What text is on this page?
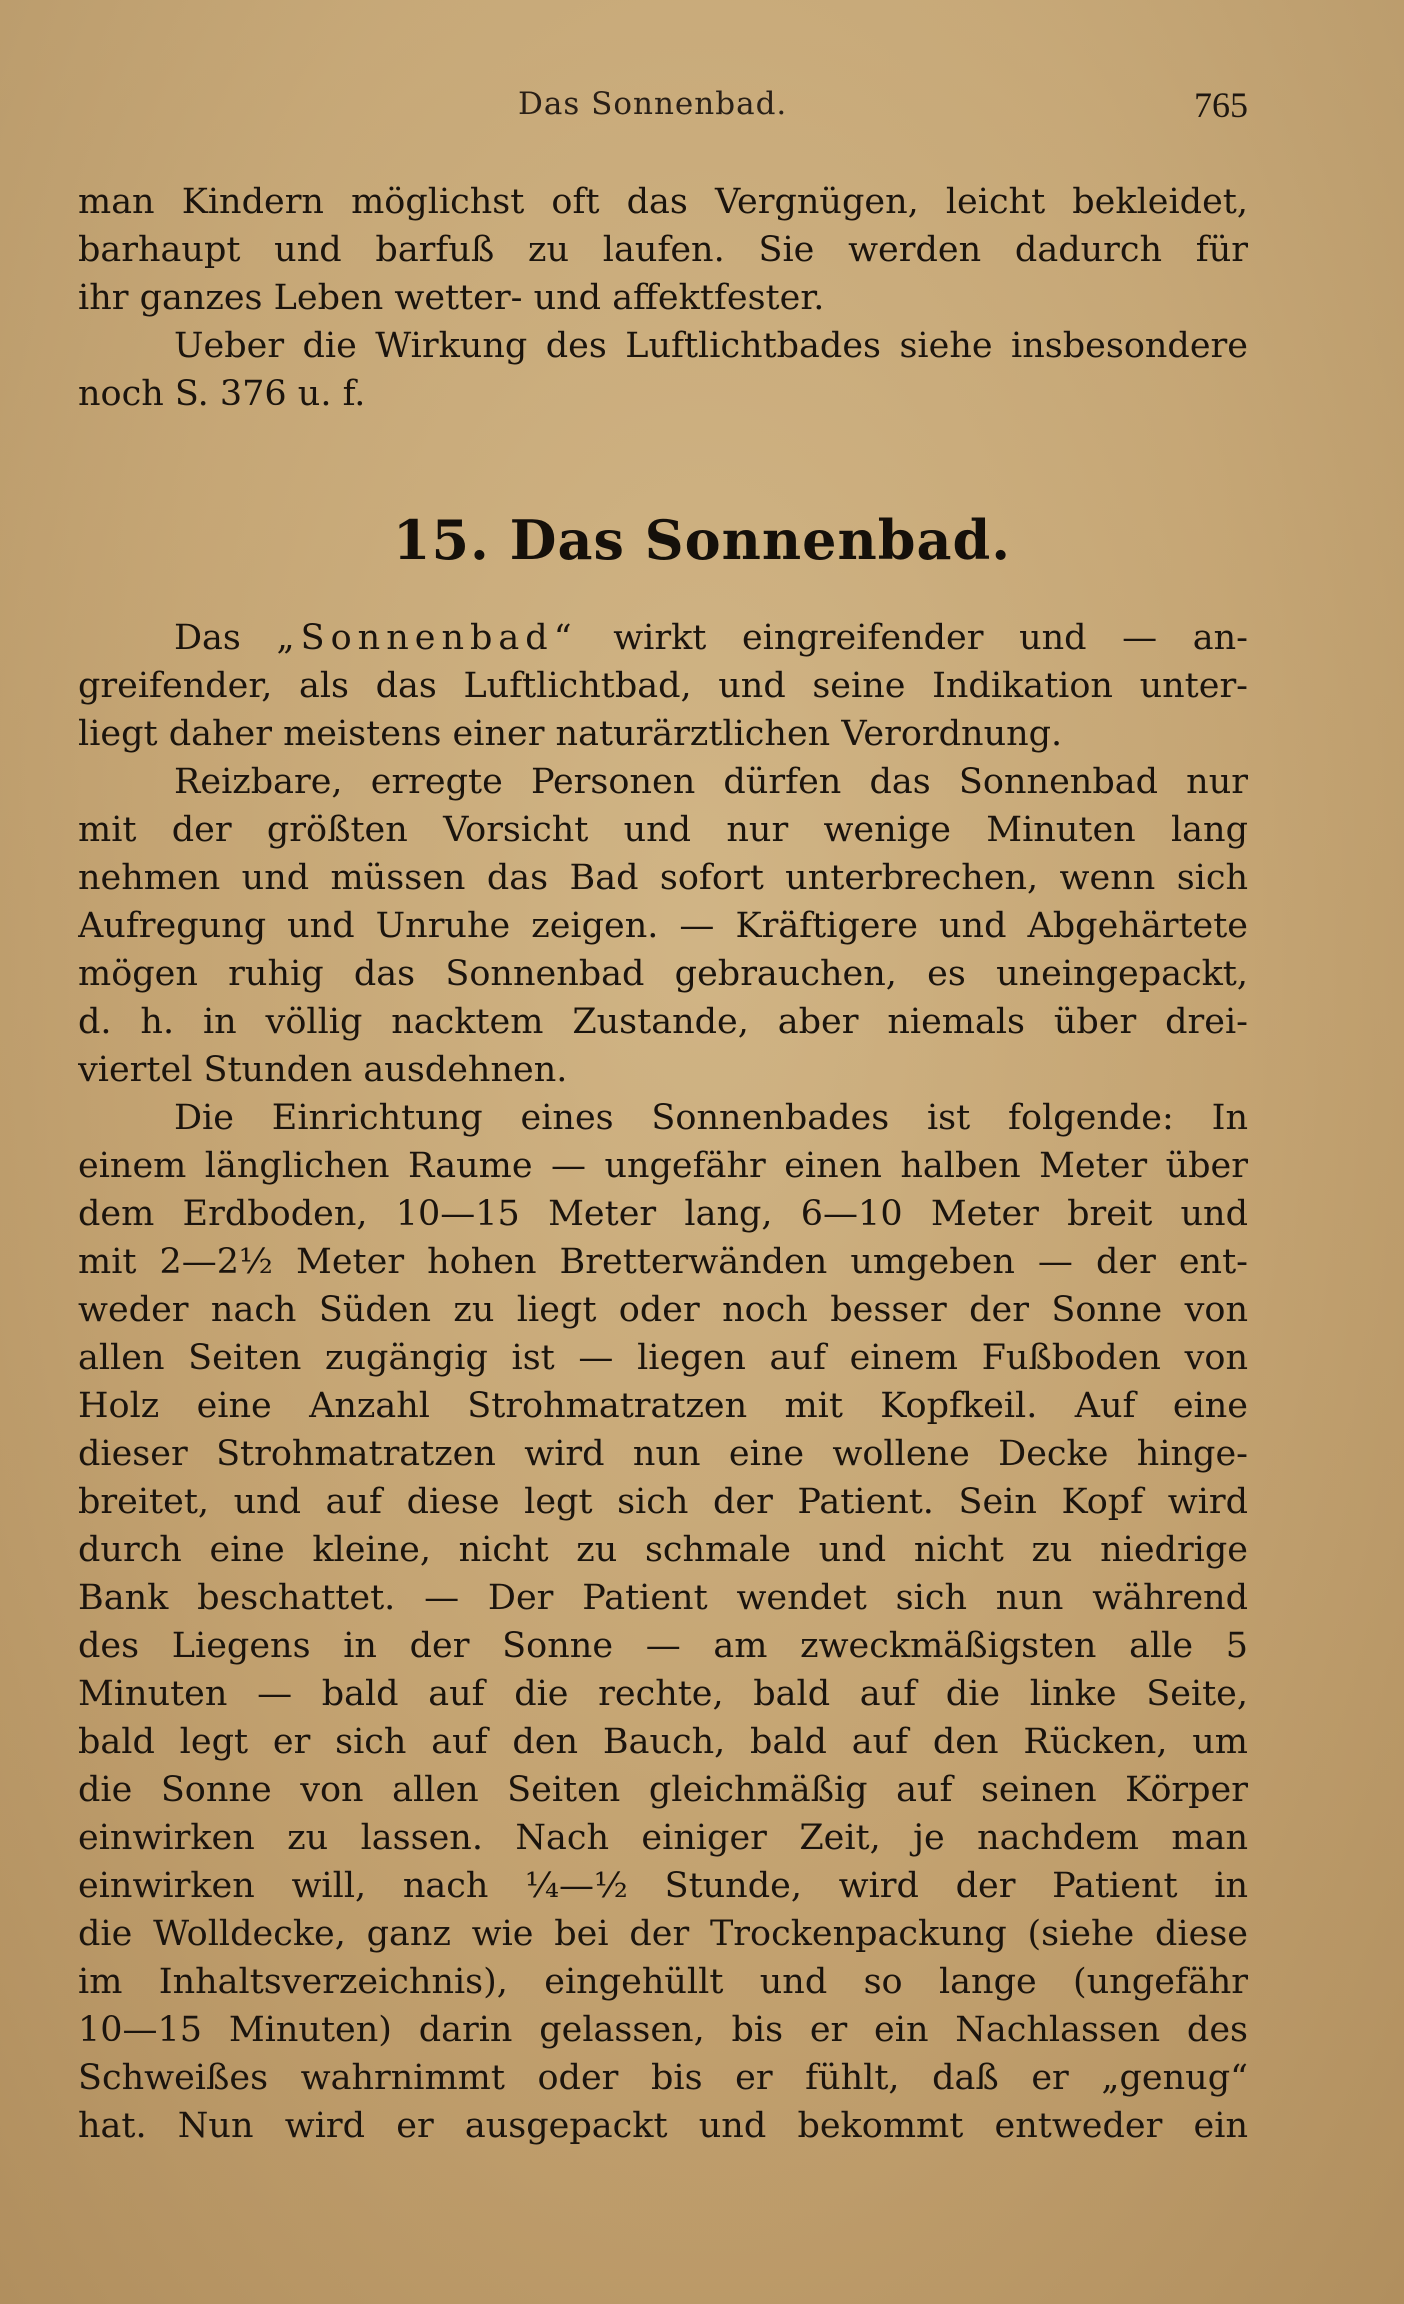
Das Sonnenbad.	765
man Kindern möglichst oft das Vergnügen, leicht bekleidet,
barhaupt und barfuß zu laufen. Sie werden dadurch für
ihr ganzes Leben wetter- und affektfester.
Ueber die Wirkung des Luftlichtbades siehe insbesondere
noch S. 376 u. f.
15. Das Sonnenbad.
Das „Sonnenbad“ wirkt eingreifender und — an-
greifender, als das Luftlichtbad, und seine Indikation unter-
liegt daher meistens einer naturärztlichen Verordnung.
Reizbare, erregte Personen dürfen das Sonnenbad nur
mit der größten Vorsicht und nur wenige Minuten lang
nehmen und müssen das Bad sofort unterbrechen, wenn sich
Aufregung und Unruhe zeigen. — Kräftigere und Abgehärtete
mögen ruhig das Sonnenbad gebrauchen, es uneingepackt,
d. h. in völlig nacktem Zustande, aber niemals über drei-
viertel Stunden ausdehnen.
Die Einrichtung eines Sonnenbades ist folgende: In
einem länglichen Raume — ungefähr einen halben Meter über
dem Erdboden, 10—15 Meter lang, 6—10 Meter breit und
mit 2—2½ Meter hohen Bretterwänden umgeben — der ent-
weder nach Süden zu liegt oder noch besser der Sonne von
allen Seiten zugängig ist — liegen auf einem Fußboden von
Holz eine Anzahl Strohmatratzen mit Kopfkeil. Auf eine
dieser Strohmatratzen wird nun eine wollene Decke hinge-
breitet, und auf diese legt sich der Patient. Sein Kopf wird
durch eine kleine, nicht zu schmale und nicht zu niedrige
Bank beschattet. — Der Patient wendet sich nun während
des Liegens in der Sonne — am zweckmäßigsten alle 5
Minuten — bald auf die rechte, bald auf die linke Seite,
bald legt er sich auf den Bauch, bald auf den Rücken, um
die Sonne von allen Seiten gleichmäßig auf seinen Körper
einwirken zu lassen. Nach einiger Zeit, je nachdem man
einwirken will, nach ¼—½ Stunde, wird der Patient in
die Wolldecke, ganz wie bei der Trockenpackung (siehe diese
im Inhaltsverzeichnis), eingehüllt und so lange (ungefähr
10—15 Minuten) darin gelassen, bis er ein Nachlassen des
Schweißes wahrnimmt oder bis er fühlt, daß er „genug“
hat. Nun wird er ausgepackt und bekommt entweder ein
